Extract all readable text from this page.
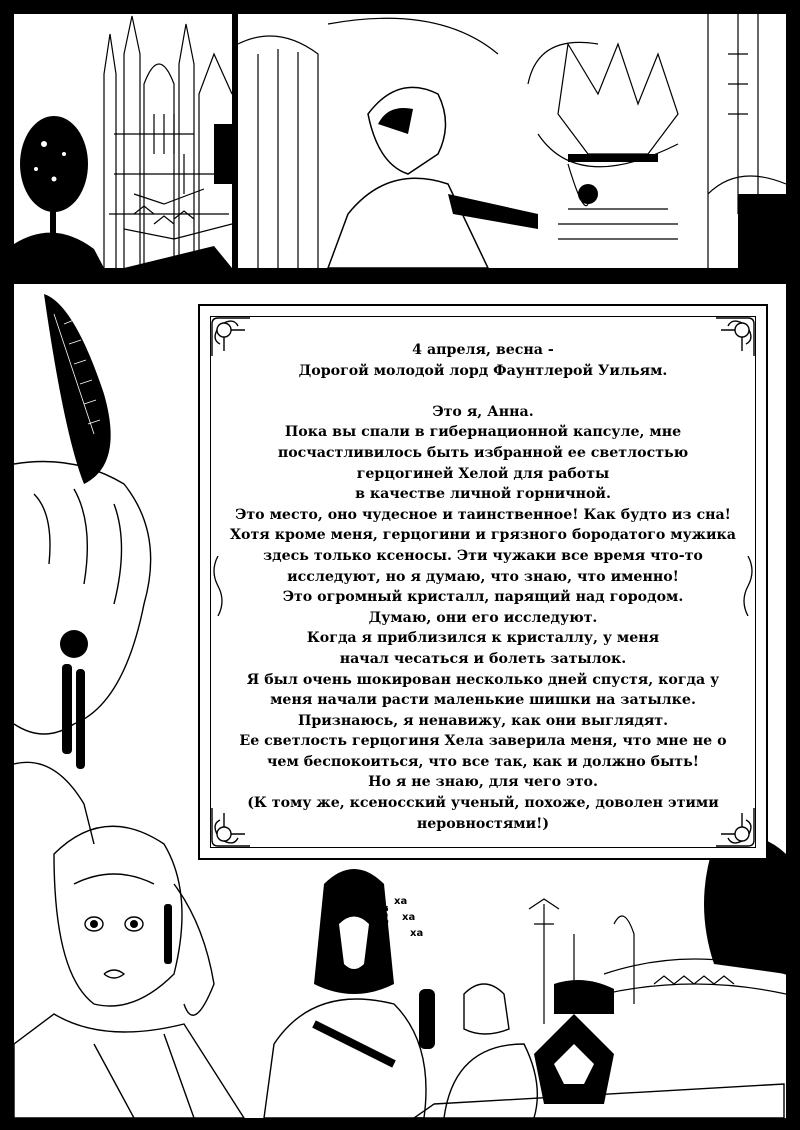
ха
ха
ха
Ɇ

4 апреля, весна -

Дорогой молодой лорд Фаунтлерой Уильям.

Это я, Анна.

Пока вы спали в гибернационной капсуле, мне

посчастливилось быть избранной ее светлостью

герцогиней Хелой для работы

в качестве личной горничной.

Это место, оно чудесное и таинственное! Как будто из сна!

Хотя кроме меня, герцогини и грязного бородатого мужика

здесь только ксеносы. Эти чужаки все время что-то

исследуют, но я думаю, что знаю, что именно!

Это огромный кристалл, парящий над городом.

Думаю, они его исследуют.

Когда я приблизился к кристаллу, у меня

начал чесаться и болеть затылок.

Я был очень шокирован несколько дней спустя, когда у

меня начали расти маленькие шишки на затылке.

Признаюсь, я ненавижу, как они выглядят.

Ее светлость герцогиня Хела заверила меня, что мне не о

чем беспокоиться, что все так, как и должно быть!

Но я не знаю, для чего это.

(К тому же, ксеносский ученый, похоже, доволен этими

неровностями!)
